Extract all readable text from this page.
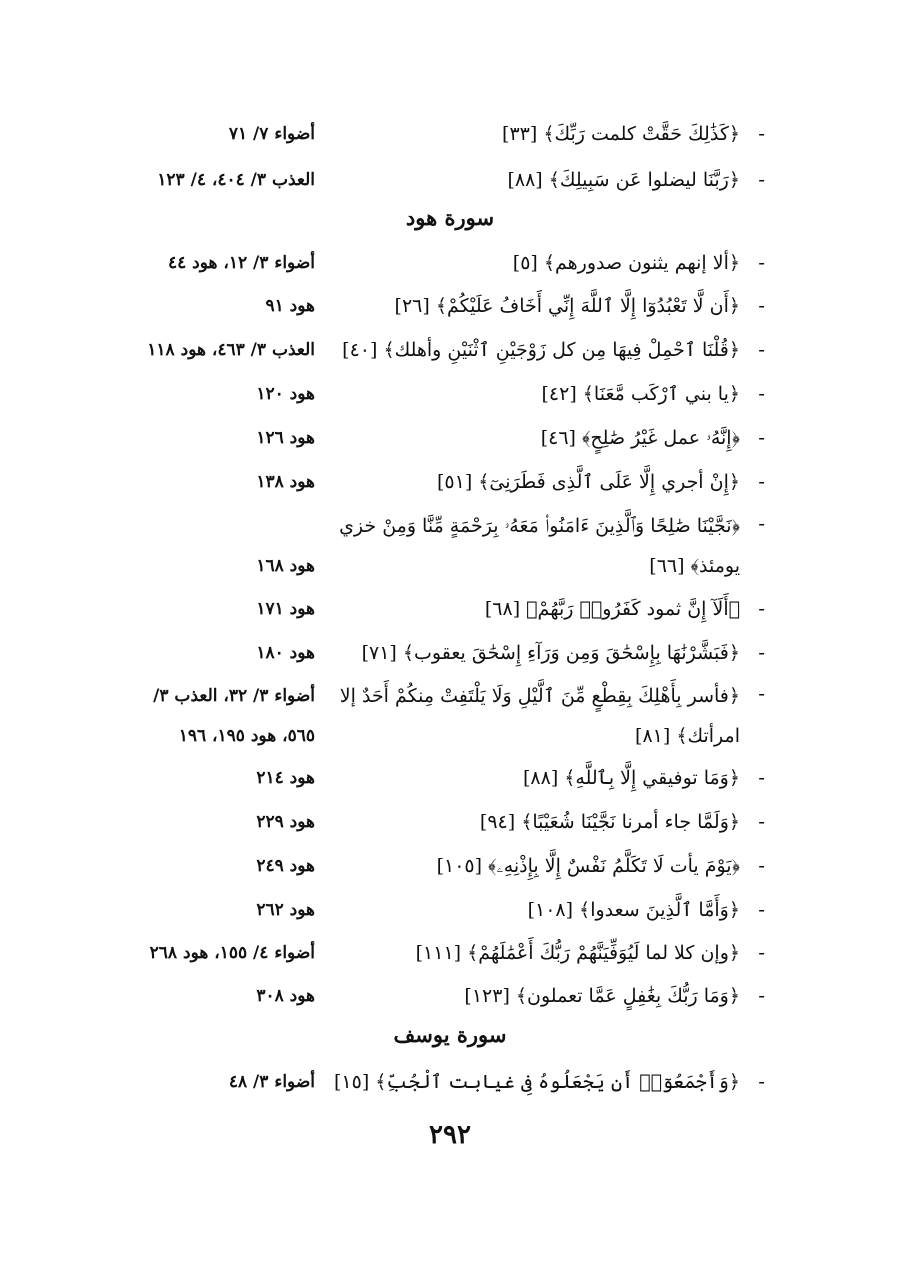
-
﴿كَذَٰلِكَ حَقَّتْ كلمت رَبِّكَ﴾ [٣٣]
أضواء ٧/ ٧١
-
﴿رَبَّنَا ليضلوا عَن سَبِيلِكَ﴾ [٨٨]
العذب ٣/ ٤٠٤، ٤/ ١٢٣
سورة هود
-
﴿ألا إنهم يثنون صدورهم﴾ [٥]
أضواء ٣/ ١٢، هود ٤٤
-
﴿أَن لَّا تَعْبُدُوٓا إِلَّا ٱللَّهَ إِنِّي أَخَافُ عَلَيْكُمْ﴾ [٢٦]
هود ٩١
-
﴿قُلْنَا ٱحْمِلْ فِيهَا مِن كل زَوْجَيْنِ ٱثْنَيْنِ وأهلك﴾ [٤٠]
العذب ٣/ ٤٦٣، هود ١١٨
-
﴿يا بني ٱرْكَب مَّعَنَا﴾ [٤٢]
هود ١٢٠
-
﴿إِنَّهُۥ عمل غَيْرُ صَٰلِحٍ﴾ [٤٦]
هود ١٢٦
-
﴿إِنْ أجري إِلَّا عَلَى ٱلَّذِى فَطَرَنِىٓ﴾ [٥١]
هود ١٣٨
-
﴿نَجَّيْنَا صَٰلِحًا وَٱلَّذِينَ ءَامَنُوا۟ مَعَهُۥ بِرَحْمَةٍ مِّنَّا وَمِنْ خزي يومئذ﴾ [٦٦]
هود ١٦٨
-
﴿أَلَآ إِنَّ ثمود كَفَرُوا۟ رَبَّهُمْ﴾ [٦٨]
هود ١٧١
-
﴿فَبَشَّرْنَٰهَا بِإِسْحَٰقَ وَمِن وَرَآءِ إِسْحَٰقَ يعقوب﴾ [٧١]
هود ١٨٠
-
﴿فأسر بِأَهْلِكَ بِقِطْعٍ مِّنَ ٱلَّيْلِ وَلَا يَلْتَفِتْ مِنكُمْ أَحَدٌ إلا امرأتك﴾ [٨١]
أضواء ٣/ ٣٢، العذب ٣/ ٥٦٥، هود ١٩٥، ١٩٦
-
﴿وَمَا توفيقي إِلَّا بِٱللَّهِ﴾ [٨٨]
هود ٢١٤
-
﴿وَلَمَّا جاء أمرنا نَجَّيْنَا شُعَيْبًا﴾ [٩٤]
هود ٢٢٩
-
﴿يَوْمَ يأت لَا تَكَلَّمُ نَفْسٌ إِلَّا بِإِذْنِهِۦ﴾ [١٠٥]
هود ٢٤٩
-
﴿وَأَمَّا ٱلَّذِينَ سعدوا﴾ [١٠٨]
هود ٢٦٢
-
﴿وإن كلا لما لَيُوَفِّيَنَّهُمْ رَبُّكَ أَعْمَٰلَهُمْ﴾ [١١١]
أضواء ٤/ ١٥٥، هود ٢٦٨
-
﴿وَمَا رَبُّكَ بِغَٰفِلٍ عَمَّا تعملون﴾ [١٢٣]
هود ٣٠٨
سورة يوسف
-
﴿وَأَجْمَعُوٓا۟ أَن يَجْعَلُوهُ فِى غيابت ٱلْجُبِّ﴾ [١٥]
أضواء ٣/ ٤٨
٢٩٢
